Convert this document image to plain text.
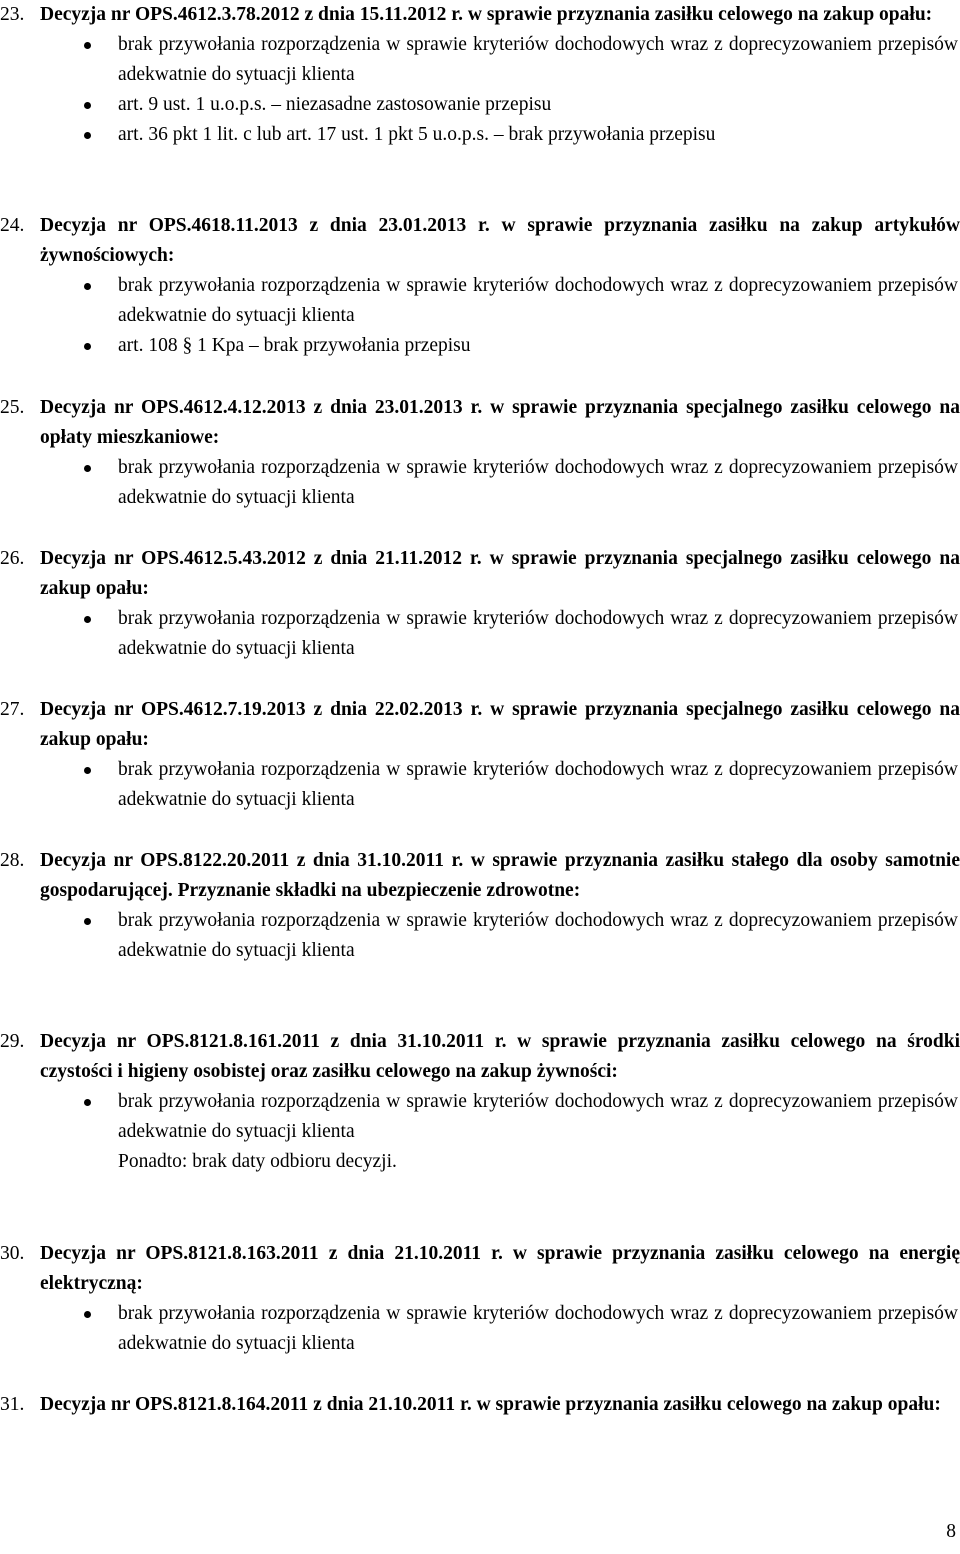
23. Decyzja nr OPS.4612.3.78.2012 z dnia 15.11.2012 r. w sprawie przyznania zasiłku celowego na zakup opału:
brak przywołania rozporządzenia w sprawie kryteriów dochodowych wraz z doprecyzowaniem przepisów adekwatnie do sytuacji klienta
art. 9 ust. 1 u.o.p.s. – niezasadne zastosowanie przepisu
art. 36 pkt 1 lit. c lub art. 17 ust. 1 pkt 5 u.o.p.s. – brak przywołania przepisu
24. Decyzja nr OPS.4618.11.2013 z dnia 23.01.2013 r. w sprawie przyznania zasiłku na zakup artykułów żywnościowych:
brak przywołania rozporządzenia w sprawie kryteriów dochodowych wraz z doprecyzowaniem przepisów adekwatnie do sytuacji klienta
art. 108 § 1 Kpa – brak przywołania przepisu
25. Decyzja nr OPS.4612.4.12.2013 z dnia 23.01.2013 r. w sprawie przyznania specjalnego zasiłku celowego na opłaty mieszkaniowe:
brak przywołania rozporządzenia w sprawie kryteriów dochodowych wraz z doprecyzowaniem przepisów adekwatnie do sytuacji klienta
26. Decyzja nr OPS.4612.5.43.2012 z dnia 21.11.2012 r. w sprawie przyznania specjalnego zasiłku celowego na zakup opału:
brak przywołania rozporządzenia w sprawie kryteriów dochodowych wraz z doprecyzowaniem przepisów adekwatnie do sytuacji klienta
27. Decyzja nr OPS.4612.7.19.2013 z dnia 22.02.2013 r. w sprawie przyznania specjalnego zasiłku celowego na zakup opału:
brak przywołania rozporządzenia w sprawie kryteriów dochodowych wraz z doprecyzowaniem przepisów adekwatnie do sytuacji klienta
28. Decyzja nr OPS.8122.20.2011 z dnia 31.10.2011 r. w sprawie przyznania zasiłku stałego dla osoby samotnie gospodarującej. Przyznanie składki na ubezpieczenie zdrowotne:
brak przywołania rozporządzenia w sprawie kryteriów dochodowych wraz z doprecyzowaniem przepisów adekwatnie do sytuacji klienta
29. Decyzja nr OPS.8121.8.161.2011 z dnia 31.10.2011 r. w sprawie przyznania zasiłku celowego na środki czystości i higieny osobistej oraz zasiłku celowego na zakup żywności:
brak przywołania rozporządzenia w sprawie kryteriów dochodowych wraz z doprecyzowaniem przepisów adekwatnie do sytuacji klienta
Ponadto: brak daty odbioru decyzji.
30. Decyzja nr OPS.8121.8.163.2011 z dnia 21.10.2011 r. w sprawie przyznania zasiłku celowego na energię elektryczną:
brak przywołania rozporządzenia w sprawie kryteriów dochodowych wraz z doprecyzowaniem przepisów adekwatnie do sytuacji klienta
31. Decyzja nr OPS.8121.8.164.2011 z dnia 21.10.2011 r. w sprawie przyznania zasiłku celowego na zakup opału:
8
